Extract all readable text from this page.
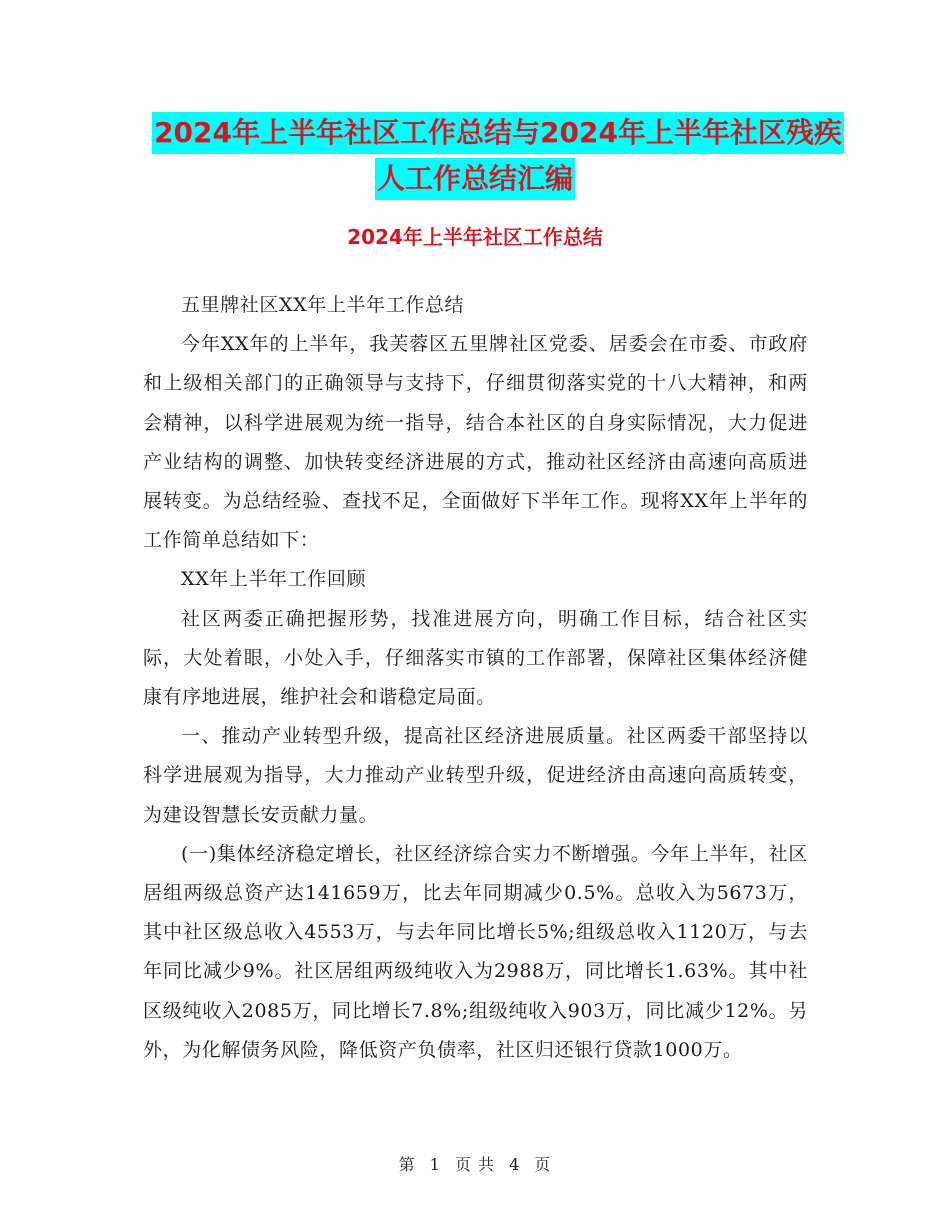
2024年上半年社区工作总结与2024年上半年社区残疾
人工作总结汇编
2024年上半年社区工作总结

五里牌社区XX年上半年工作总结

今年XX年的上半年，我芙蓉区五里牌社区党委、居委会在市委、市政府和上级相关部门的正确领导与支持下，仔细贯彻落实党的十八大精神，和两会精神，以科学进展观为统一指导，结合本社区的自身实际情况，大力促进产业结构的调整、加快转变经济进展的方式，推动社区经济由高速向高质进展转变。为总结经验、查找不足，全面做好下半年工作。现将XX年上半年的工作简单总结如下：

XX年上半年工作回顾

社区两委正确把握形势，找准进展方向，明确工作目标，结合社区实际，大处着眼，小处入手，仔细落实市镇的工作部署，保障社区集体经济健康有序地进展，维护社会和谐稳定局面。

一、推动产业转型升级，提高社区经济进展质量。社区两委干部坚持以科学进展观为指导，大力推动产业转型升级，促进经济由高速向高质转变，为建设智慧长安贡献力量。

(一)集体经济稳定增长，社区经济综合实力不断增强。今年上半年，社区居组两级总资产达141659万，比去年同期减少0.5%。总收入为5673万，其中社区级总收入4553万，与去年同比增长5%;组级总收入1120万，与去年同比减少9%。社区居组两级纯收入为2988万，同比增长1.63%。其中社区级纯收入2085万，同比增长7.8%;组级纯收入903万，同比减少12%。另外，为化解债务风险，降低资产负债率，社区归还银行贷款1000万。

第 1 页 共 4 页
